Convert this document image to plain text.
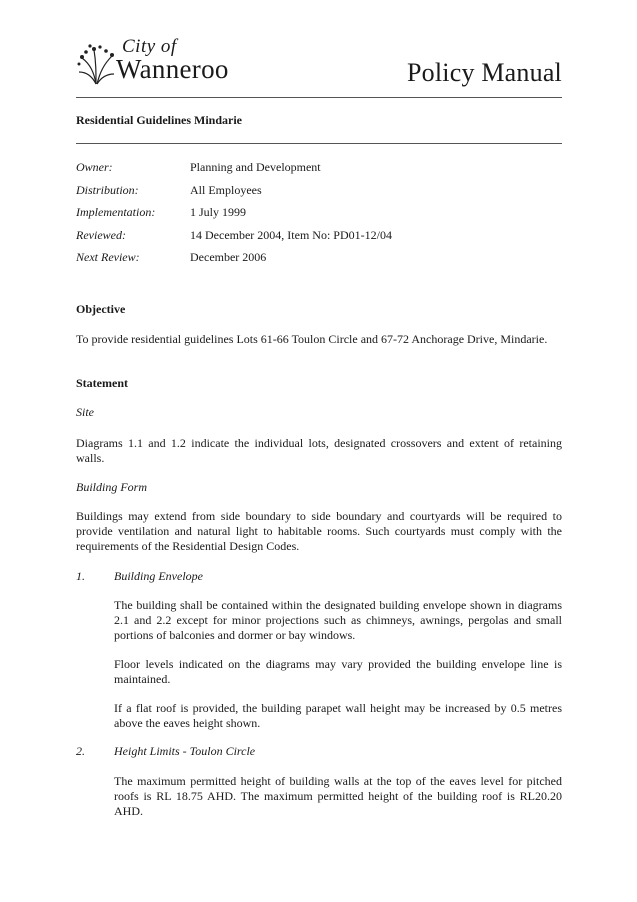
City of
Wanneroo	Policy Manual
Residential Guidelines Mindarie
Owner:	Planning and Development
Distribution:	All Employees
Implementation:	1 July 1999
Reviewed:	14 December 2004, Item No: PD01-12/04
Next Review:	December 2006
Objective
To provide residential guidelines Lots 61-66 Toulon Circle and 67-72 Anchorage Drive, Mindarie.
Statement
Site
Diagrams 1.1 and 1.2 indicate the individual lots, designated crossovers and extent of retaining walls.
Building Form
Buildings may extend from side boundary to side boundary and courtyards will be required to provide ventilation and natural light to habitable rooms. Such courtyards must comply with the requirements of the Residential Design Codes.
1. Building Envelope
The building shall be contained within the designated building envelope shown in diagrams 2.1 and 2.2 except for minor projections such as chimneys, awnings, pergolas and small portions of balconies and dormer or bay windows.
Floor levels indicated on the diagrams may vary provided the building envelope line is maintained.
If a flat roof is provided, the building parapet wall height may be increased by 0.5 metres above the eaves height shown.
2. Height Limits - Toulon Circle
The maximum permitted height of building walls at the top of the eaves level for pitched roofs is RL 18.75 AHD. The maximum permitted height of the building roof is RL20.20 AHD.
